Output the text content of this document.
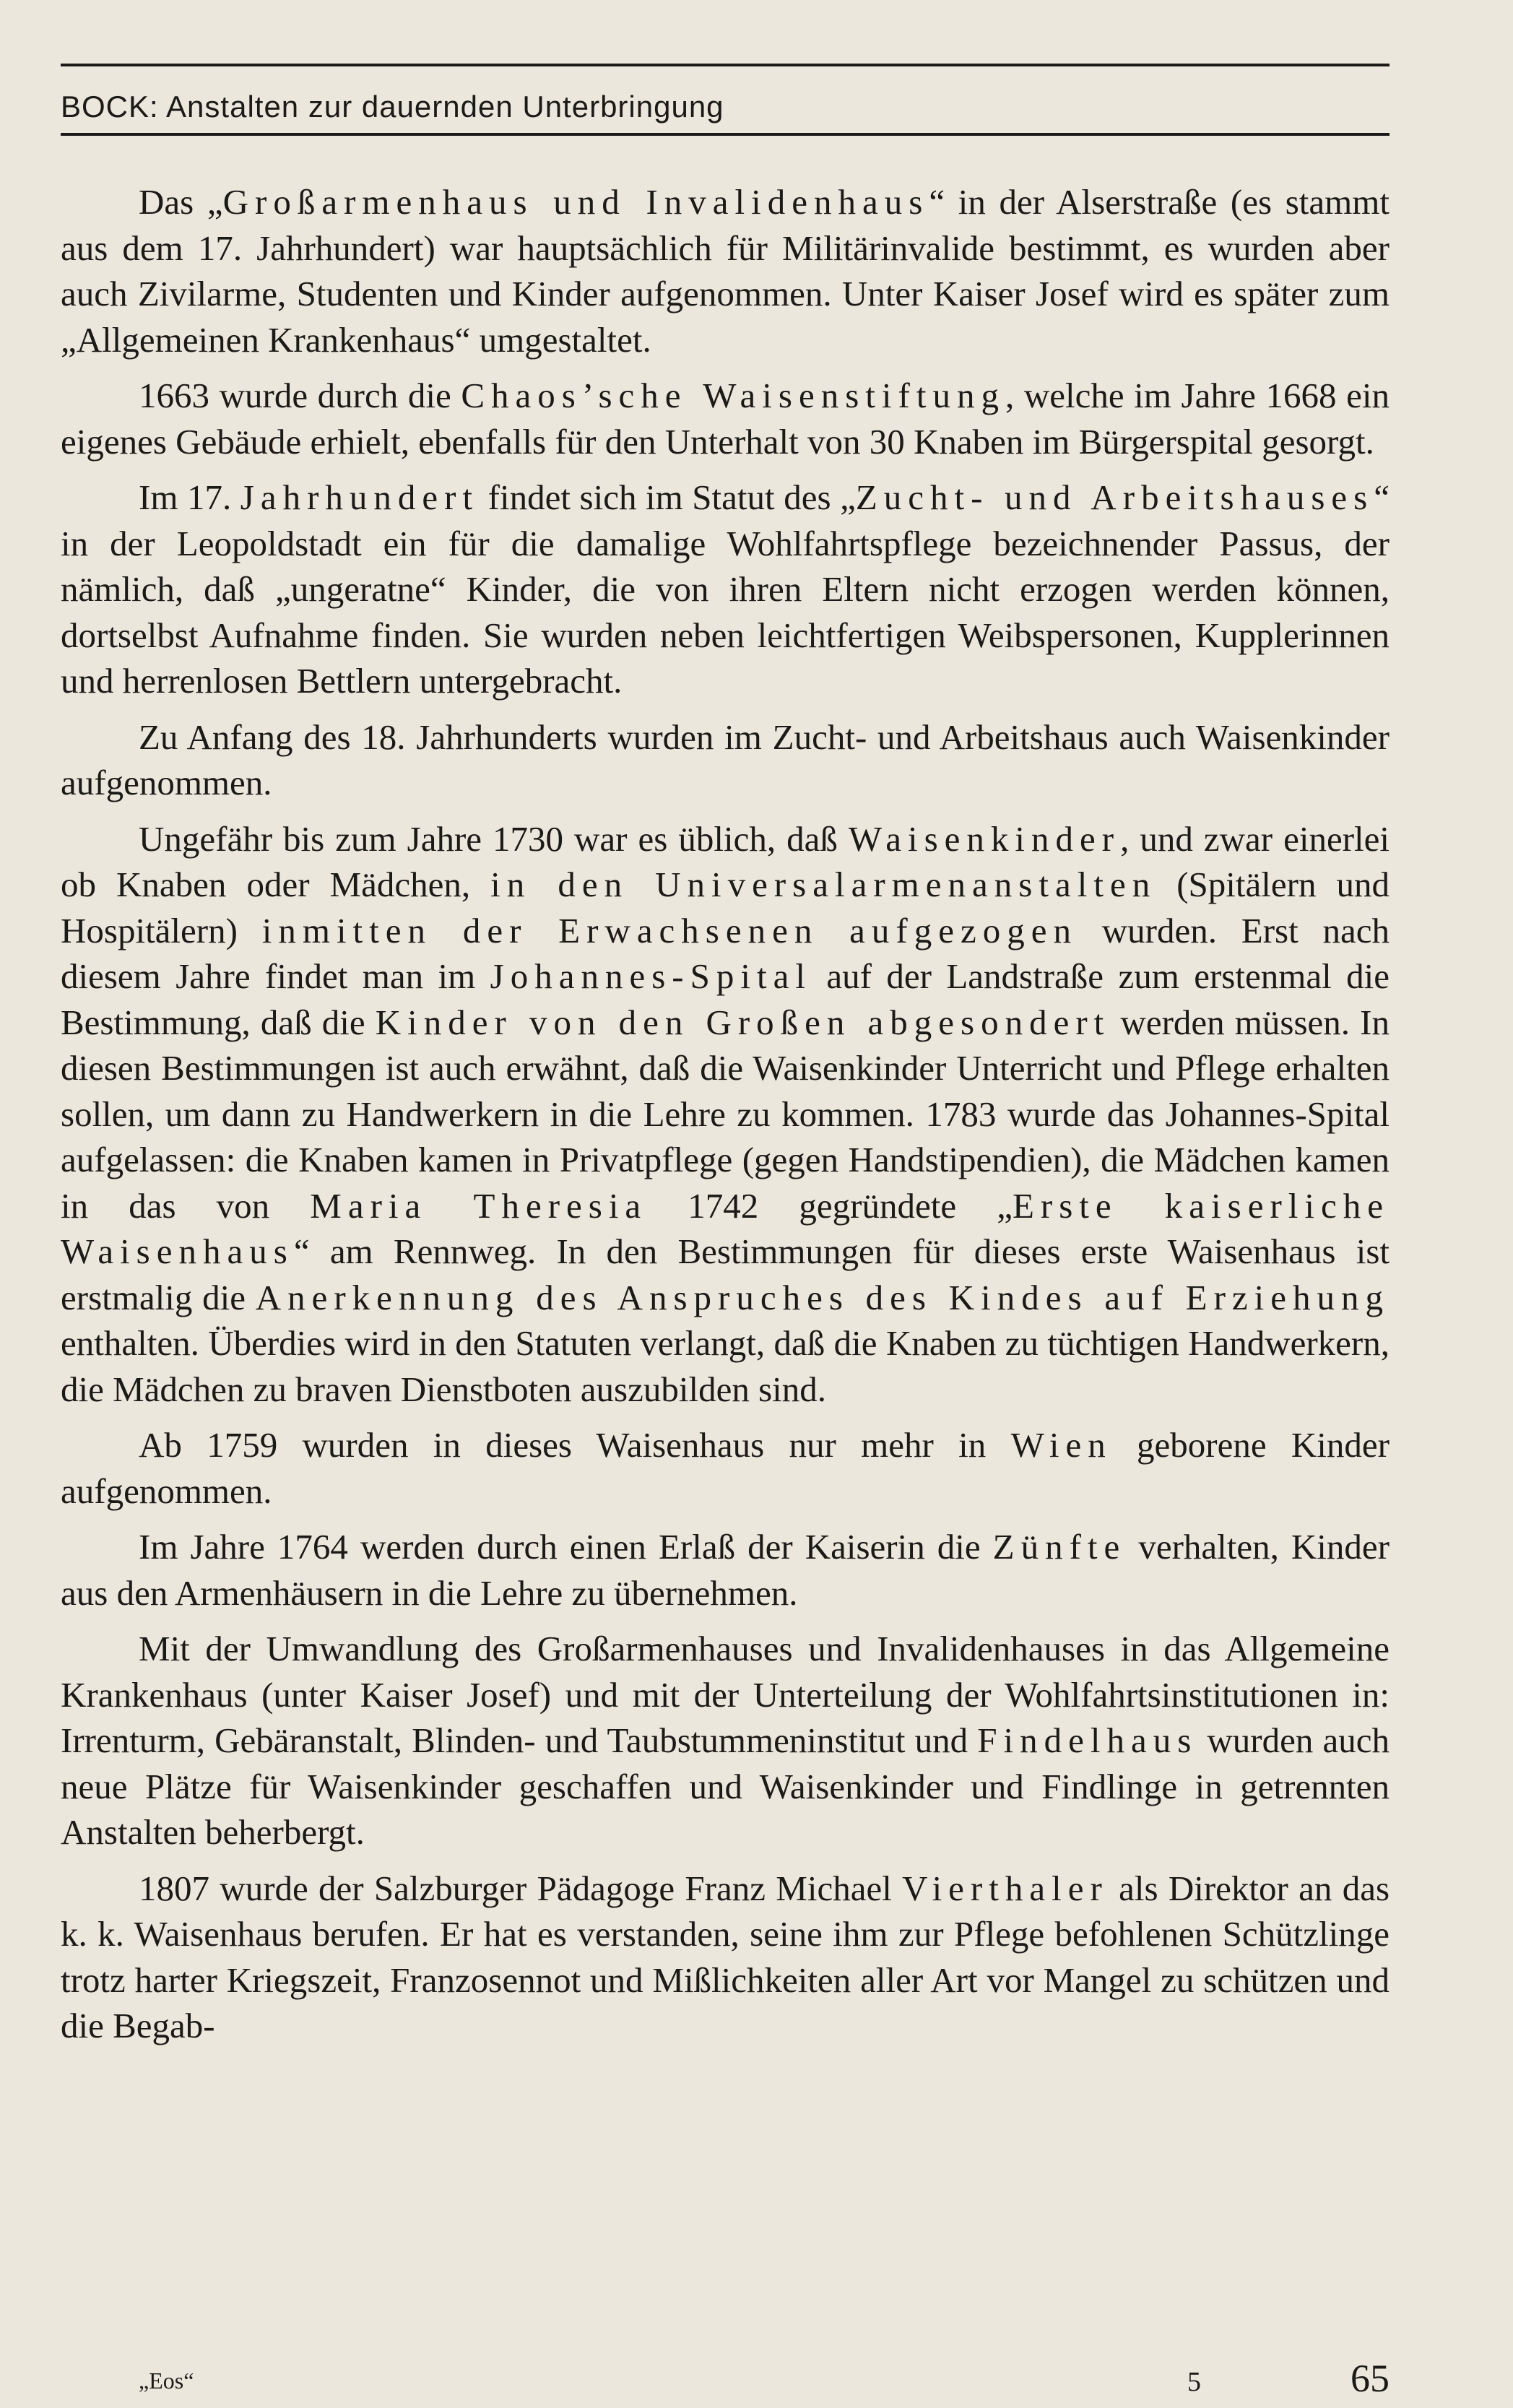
BOCK: Anstalten zur dauernden Unterbringung

Das „Großarmenhaus und Invalidenhaus“ in der Alserstraße (es stammt aus dem 17. Jahrhundert) war hauptsächlich für Militärinvalide bestimmt, es wurden aber auch Zivilarme, Studenten und Kinder aufgenommen. Unter Kaiser Josef wird es später zum „Allgemeinen Krankenhaus“ umgestaltet.

1663 wurde durch die Chaos’sche Waisenstiftung, welche im Jahre 1668 ein eigenes Gebäude erhielt, ebenfalls für den Unterhalt von 30 Knaben im Bürgerspital gesorgt.

Im 17. Jahrhundert findet sich im Statut des „Zucht- und Arbeitshauses“ in der Leopoldstadt ein für die damalige Wohlfahrtspflege bezeichnender Passus, der nämlich, daß „ungeratne“ Kinder, die von ihren Eltern nicht erzogen werden können, dortselbst Aufnahme finden. Sie wurden neben leichtfertigen Weibspersonen, Kupplerinnen und herrenlosen Bettlern untergebracht.

Zu Anfang des 18. Jahrhunderts wurden im Zucht- und Arbeitshaus auch Waisenkinder aufgenommen.

Ungefähr bis zum Jahre 1730 war es üblich, daß Waisenkinder, und zwar einerlei ob Knaben oder Mädchen, in den Universalarmenanstalten (Spitälern und Hospitälern) inmitten der Erwachsenen aufgezogen wurden. Erst nach diesem Jahre findet man im Johannes-Spital auf der Landstraße zum erstenmal die Bestimmung, daß die Kinder von den Großen abgesondert werden müssen. In diesen Bestimmungen ist auch erwähnt, daß die Waisenkinder Unterricht und Pflege erhalten sollen, um dann zu Handwerkern in die Lehre zu kommen. 1783 wurde das Johannes-Spital aufgelassen: die Knaben kamen in Privatpflege (gegen Handstipendien), die Mädchen kamen in das von Maria Theresia 1742 gegründete „Erste kaiserliche Waisenhaus“ am Rennweg. In den Bestimmungen für dieses erste Waisenhaus ist erstmalig die Anerkennung des Anspruches des Kindes auf Erziehung enthalten. Überdies wird in den Statuten verlangt, daß die Knaben zu tüchtigen Handwerkern, die Mädchen zu braven Dienstboten auszubilden sind.

Ab 1759 wurden in dieses Waisenhaus nur mehr in Wien geborene Kinder aufgenommen.

Im Jahre 1764 werden durch einen Erlaß der Kaiserin die Zünfte verhalten, Kinder aus den Armenhäusern in die Lehre zu übernehmen.

Mit der Umwandlung des Großarmenhauses und Invalidenhauses in das Allgemeine Krankenhaus (unter Kaiser Josef) und mit der Unterteilung der Wohlfahrtsinstitutionen in: Irrenturm, Gebäranstalt, Blinden- und Taubstummeninstitut und Findelhaus wurden auch neue Plätze für Waisenkinder geschaffen und Waisenkinder und Findlinge in getrennten Anstalten beherbergt.

1807 wurde der Salzburger Pädagoge Franz Michael Vierthaler als Direktor an das k. k. Waisenhaus berufen. Er hat es verstanden, seine ihm zur Pflege befohlenen Schützlinge trotz harter Kriegszeit, Franzosennot und Mißlichkeiten aller Art vor Mangel zu schützen und die Begab-

„Eos“	5	65
